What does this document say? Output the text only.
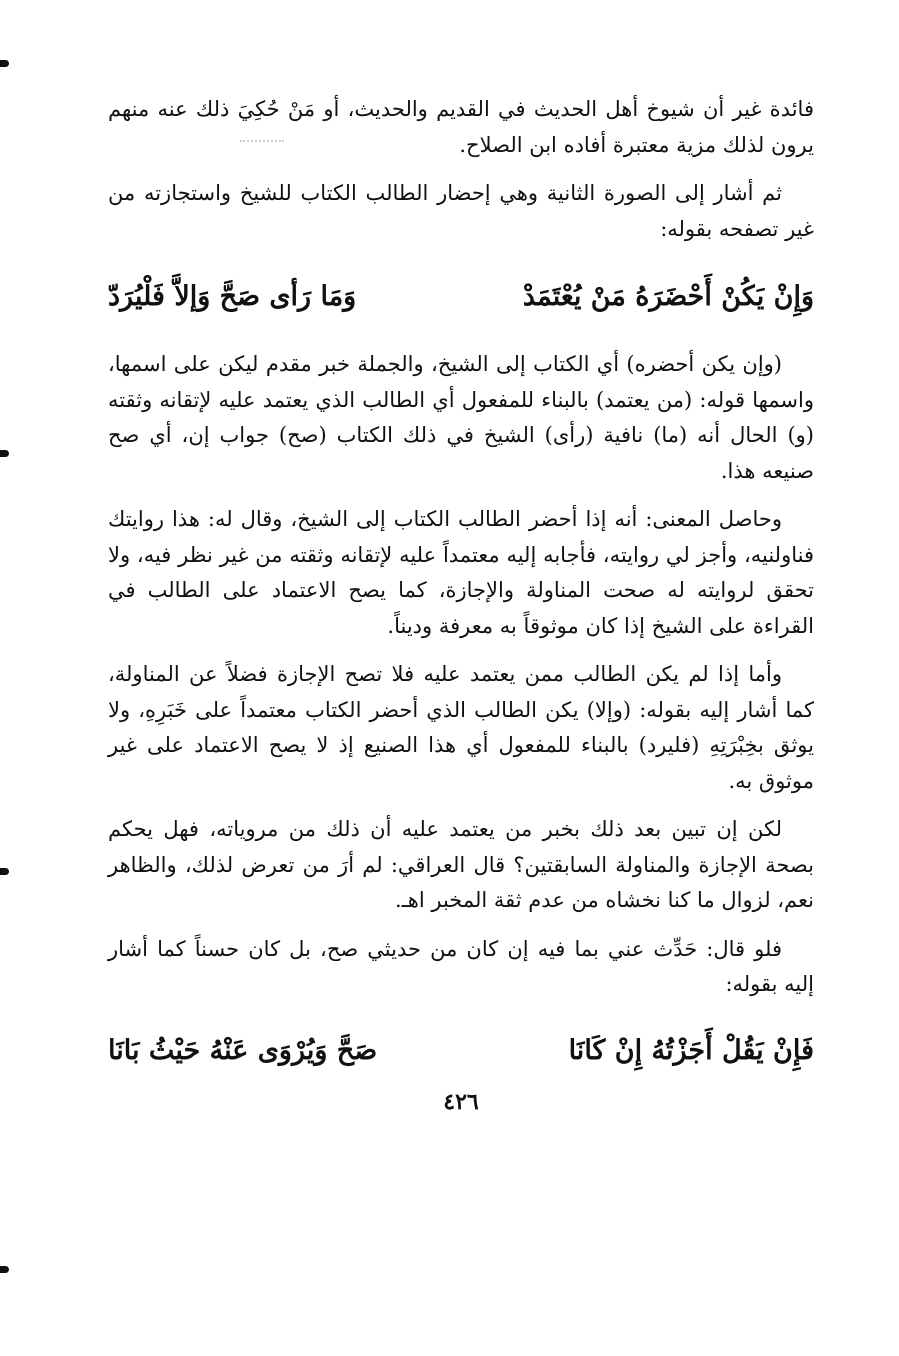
فائدة غير أن شيوخ أهل الحديث في القديم والحديث، أو مَنْ حُكِيَ ذلك عنه منهم يرون لذلك مزية معتبرة أفاده ابن الصلاح.

ثم أشار إلى الصورة الثانية وهي إحضار الطالب الكتاب للشيخ واستجازته من غير تصفحه بقوله:

وَإِنْ يَكُنْ أَحْضَرَهُ مَنْ يُعْتَمَدْ
وَمَا رَأى صَحَّ وَإلاَّ فَلْيُرَدّ

(وإن يكن أحضره) أي الكتاب إلى الشيخ، والجملة خبر مقدم ليكن على اسمها، واسمها قوله: (من يعتمد) بالبناء للمفعول أي الطالب الذي يعتمد عليه لإتقانه وثقته (و) الحال أنه (ما) نافية (رأى) الشيخ في ذلك الكتاب (صح) جواب إن، أي صح صنيعه هذا.

وحاصل المعنى: أنه إذا أحضر الطالب الكتاب إلى الشيخ، وقال له: هذا روايتك فناولنيه، وأجز لي روايته، فأجابه إليه معتمداً عليه لإتقانه وثقته من غير نظر فيه، ولا تحقق لروايته له صحت المناولة والإجازة، كما يصح الاعتماد على الطالب في القراءة على الشيخ إذا كان موثوقاً به معرفة وديناً.

وأما إذا لم يكن الطالب ممن يعتمد عليه فلا تصح الإجازة فضلاً عن المناولة، كما أشار إليه بقوله: (وإلا) يكن الطالب الذي أحضر الكتاب معتمداً على خَبَرِهِ، ولا يوثق بخِبْرَتِهِ (فليرد) بالبناء للمفعول أي هذا الصنيع إذ لا يصح الاعتماد على غير موثوق به.

لكن إن تبين بعد ذلك بخبر من يعتمد عليه أن ذلك من مروياته، فهل يحكم بصحة الإجازة والمناولة السابقتين؟ قال العراقي: لم أرَ من تعرض لذلك، والظاهر نعم، لزوال ما كنا نخشاه من عدم ثقة المخبر اهـ.

فلو قال: حَدِّث عني بما فيه إن كان من حديثي صح، بل كان حسناً كما أشار إليه بقوله:

فَإِنْ يَقُلْ أَجَزْتُهُ إِنْ كَانَا
صَحَّ وَيُرْوَى عَنْهُ حَيْثُ بَانَا
٤٢٦
